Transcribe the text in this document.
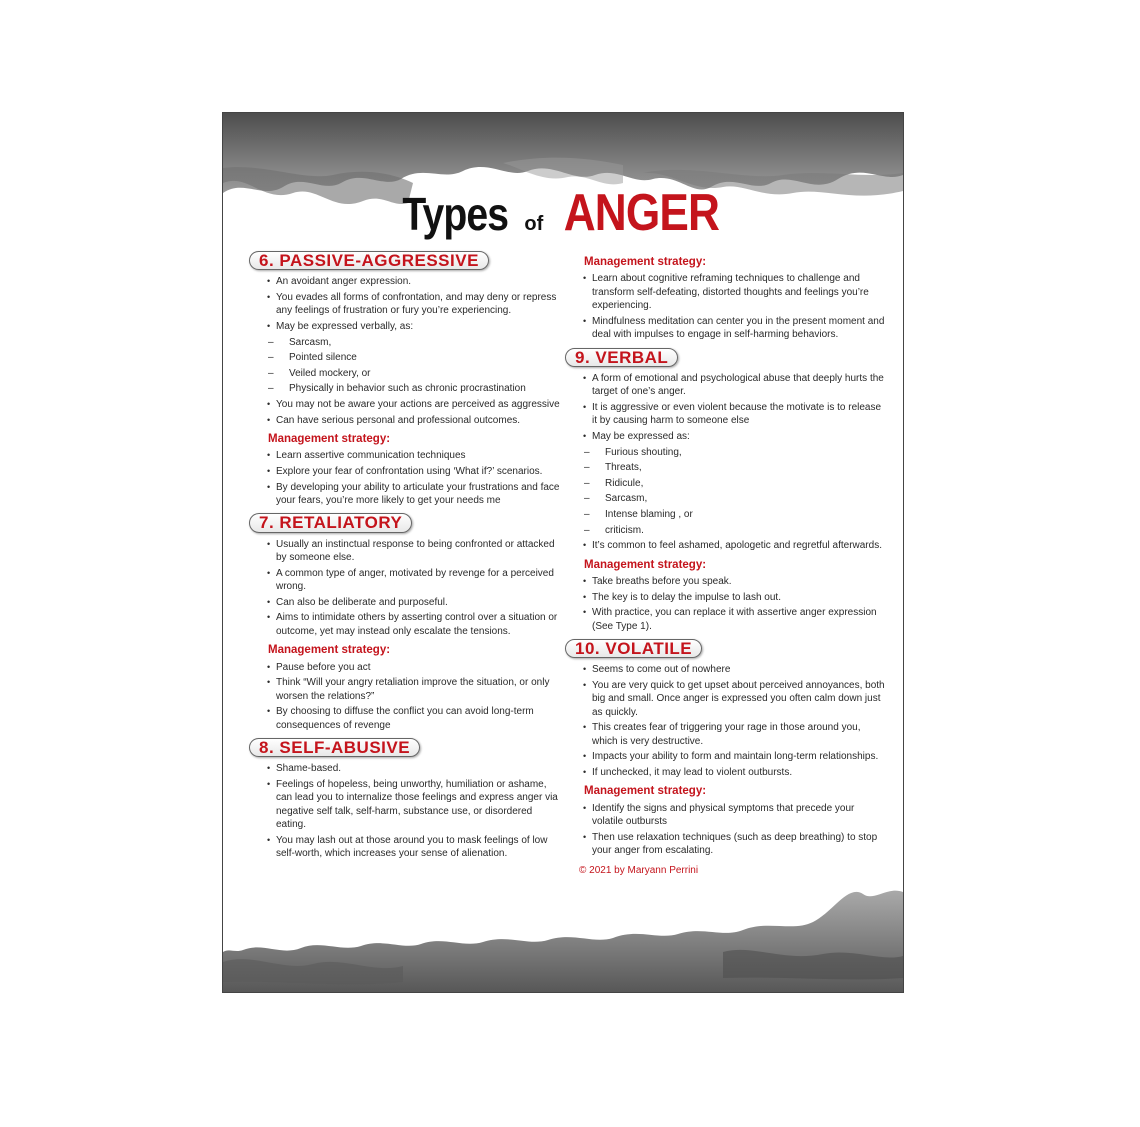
Types of ANGER
6. PASSIVE-AGGRESSIVE
• An avoidant anger expression.
• You evades all forms of confrontation, and may deny or repress any feelings of frustration or fury you’re experiencing.
• May be expressed verbally, as:
– Sarcasm,
– Pointed silence
– Veiled mockery, or
– Physically in behavior such as chronic procrastination
• You may not be aware your actions are perceived as aggressive
• Can have serious personal and professional outcomes.
Management strategy:
• Learn assertive communication techniques
• Explore your fear of confrontation using ‘What if?’ scenarios.
• By developing your ability to articulate your frustrations and face your fears, you’re more likely to get your needs me
7. RETALIATORY
• Usually an instinctual response to being confronted or attacked by someone else.
• A common type of anger, motivated by revenge for a perceived wrong.
• Can also be deliberate and purposeful.
• Aims to intimidate others by asserting control over a situation or outcome, yet may instead only escalate the tensions.
Management strategy:
• Pause before you act
• Think “Will your angry retaliation improve the situation, or only worsen the relations?”
• By choosing to diffuse the conflict you can avoid long-term consequences of revenge
8. SELF-ABUSIVE
• Shame-based.
• Feelings of hopeless, being unworthy, humiliation or ashame, can lead you to internalize those feelings and express anger via negative self talk, self-harm, substance use, or disordered eating.
• You may lash out at those around you to mask feelings of low self-worth, which increases your sense of alienation.
Management strategy:
• Learn about cognitive reframing techniques to challenge and transform self-defeating, distorted thoughts and feelings you’re experiencing.
• Mindfulness meditation can center you in the present moment and deal with impulses to engage in self-harming behaviors.
9. VERBAL
• A form of emotional and psychological abuse that deeply hurts the target of one’s anger.
• It is aggressive or even violent because the motivate is to release it by causing harm to someone else
• May be expressed as:
– Furious shouting,
– Threats,
– Ridicule,
– Sarcasm,
– Intense blaming , or
– criticism.
• It’s common to feel ashamed, apologetic and regretful afterwards.
Management strategy:
• Take breaths before you speak.
• The key is to delay the impulse to lash out.
• With practice, you can replace it with assertive anger expression (See Type 1).
10. VOLATILE
• Seems to come out of nowhere
• You are very quick to get upset about perceived annoyances, both big and small. Once anger is expressed you often calm down just as quickly.
• This creates fear of triggering your rage in those around you, which is very destructive.
• Impacts your ability to form and maintain long-term relationships.
• If unchecked, it may lead to violent outbursts.
Management strategy:
• Identify the signs and physical symptoms that precede your volatile outbursts
• Then use relaxation techniques (such as deep breathing) to stop your anger from escalating.
© 2021 by Maryann Perrini
